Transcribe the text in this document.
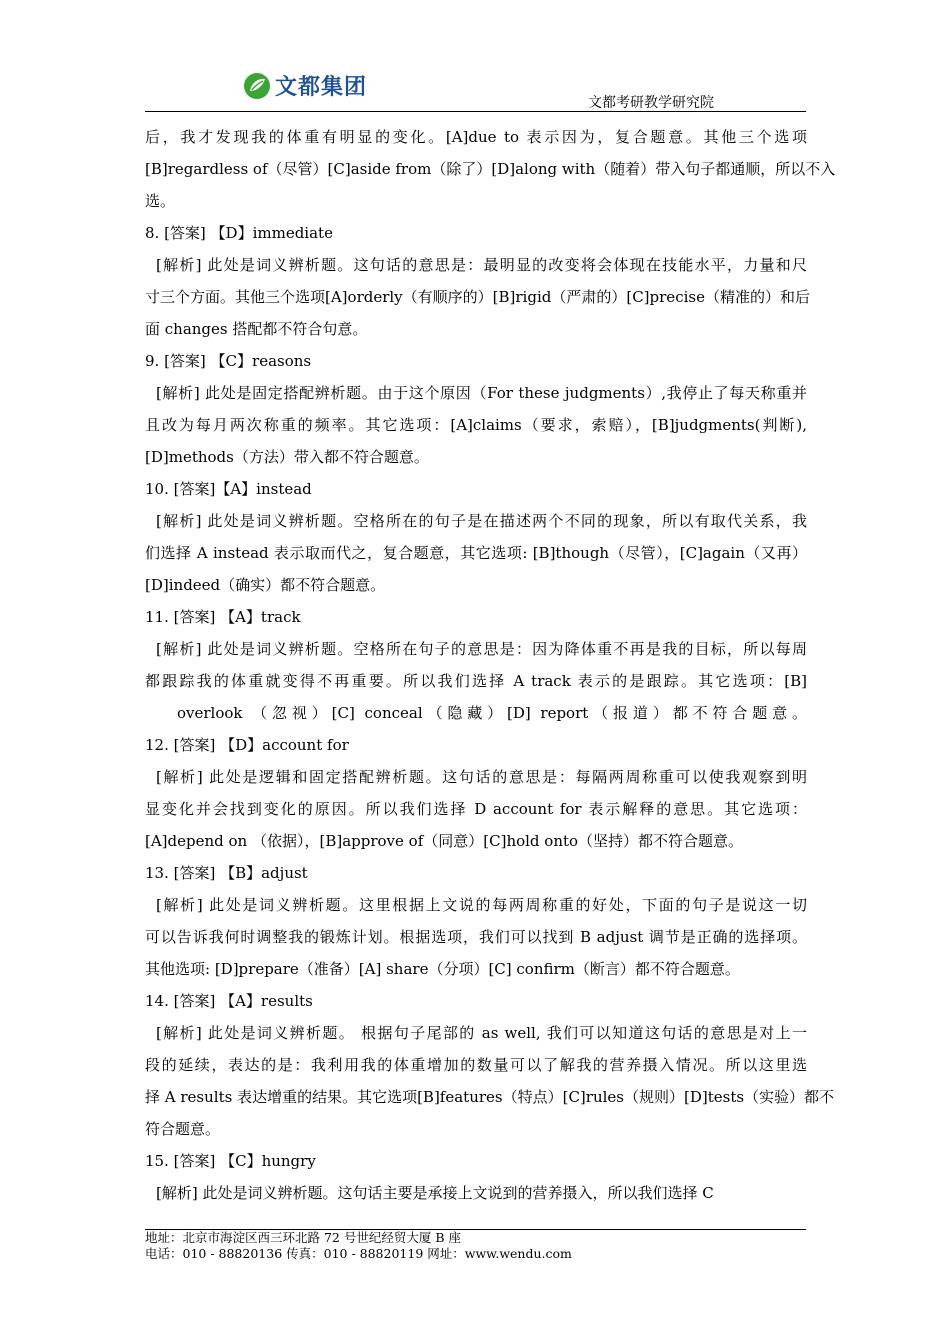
文都集团
文都考研教学研究院
后，我才发现我的体重有明显的变化。[A]due to 表示因为，复合题意。其他三个选项
[B]regardless of（尽管）[C]aside from（除了）[D]along with（随着）带入句子都通顺，所以不入
选。
8. [答案] 【D】immediate
[解析] 此处是词义辨析题。这句话的意思是：最明显的改变将会体现在技能水平，力量和尺
寸三个方面。其他三个选项[A]orderly（有顺序的）[B]rigid（严肃的）[C]precise（精准的）和后
面 changes 搭配都不符合句意。
9. [答案] 【C】reasons
[解析] 此处是固定搭配辨析题。由于这个原因（For these judgments）,我停止了每天称重并
且改为每月两次称重的频率。其它选项：[A]claims（要求，索赔），[B]judgments(判断),
[D]methods（方法）带入都不符合题意。
10. [答案]【A】instead
[解析] 此处是词义辨析题。空格所在的句子是在描述两个不同的现象，所以有取代关系，我
们选择 A instead 表示取而代之，复合题意，其它选项: [B]though（尽管），[C]again（又再）
[D]indeed（确实）都不符合题意。
11. [答案] 【A】track
[解析] 此处是词义辨析题。空格所在句子的意思是：因为降体重不再是我的目标，所以每周
都跟踪我的体重就变得不再重要。所以我们选择 A track 表示的是跟踪。其它选项：[B]
overlook （忽视）[C] conceal（隐藏）[D] report（报道）都不符合题意。
12. [答案] 【D】account for
[解析] 此处是逻辑和固定搭配辨析题。这句话的意思是：每隔两周称重可以使我观察到明
显变化并会找到变化的原因。所以我们选择 D account for 表示解释的意思。其它选项：
[A]depend on （依据），[B]approve of（同意）[C]hold onto（坚持）都不符合题意。
13. [答案] 【B】adjust
[解析] 此处是词义辨析题。这里根据上文说的每两周称重的好处，下面的句子是说这一切
可以告诉我何时调整我的锻炼计划。根据选项，我们可以找到 B adjust 调节是正确的选择项。
其他选项: [D]prepare（准备）[A] share（分项）[C] confirm（断言）都不符合题意。
14. [答案] 【A】results
[解析] 此处是词义辨析题。 根据句子尾部的 as well, 我们可以知道这句话的意思是对上一
段的延续，表达的是：我利用我的体重增加的数量可以了解我的营养摄入情况。所以这里选
择 A results 表达增重的结果。其它选项[B]features（特点）[C]rules（规则）[D]tests（实验）都不
符合题意。
15. [答案] 【C】hungry
[解析] 此处是词义辨析题。这句话主要是承接上文说到的营养摄入，所以我们选择 C
地址：北京市海淀区西三环北路 72 号世纪经贸大厦 B 座
电话：010 - 88820136 传真：010 - 88820119 网址：www.wendu.com
